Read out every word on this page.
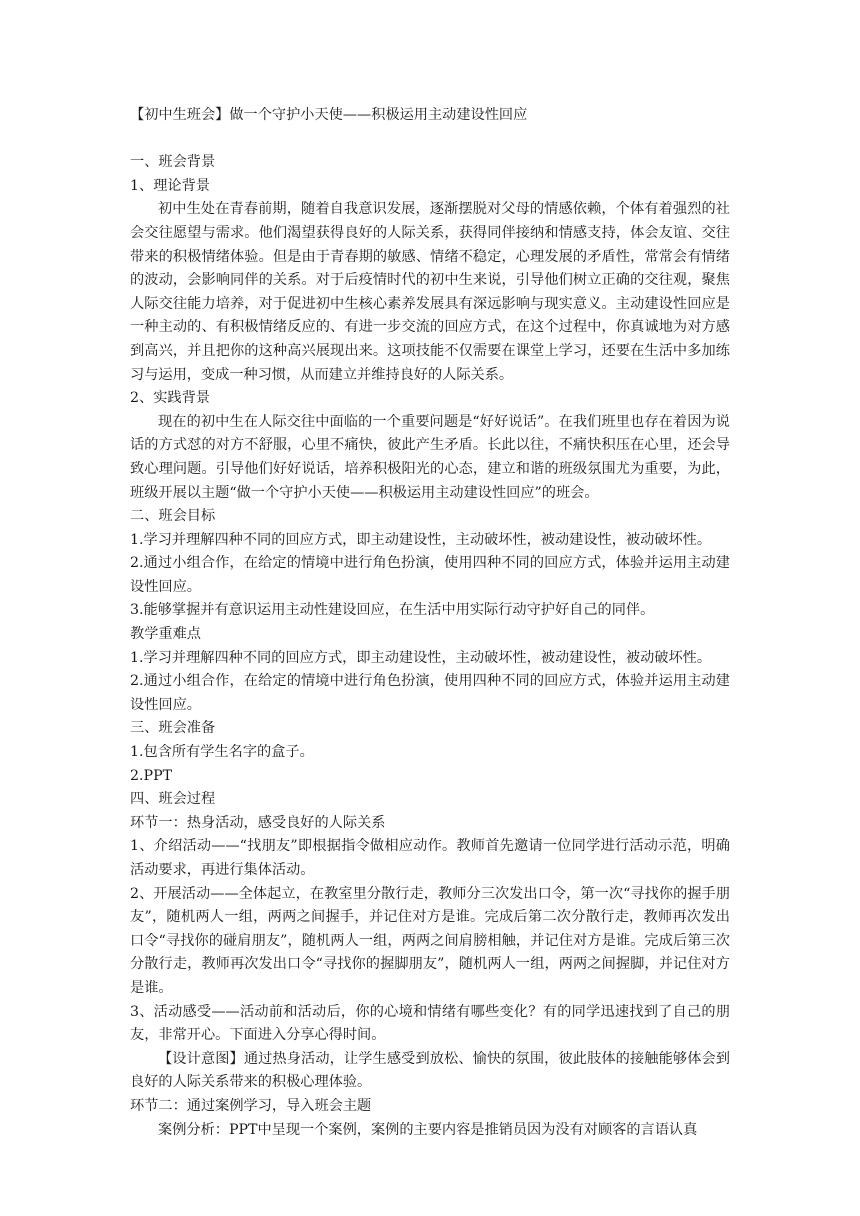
【初中生班会】做一个守护小天使——积极运用主动建设性回应

一、班会背景

1、理论背景

初中生处在青春前期，随着自我意识发展，逐渐摆脱对父母的情感依赖，个体有着强烈的社会交往愿望与需求。他们渴望获得良好的人际关系，获得同伴接纳和情感支持，体会友谊、交往带来的积极情绪体验。但是由于青春期的敏感、情绪不稳定，心理发展的矛盾性，常常会有情绪的波动，会影响同伴的关系。对于后疫情时代的初中生来说，引导他们树立正确的交往观，聚焦人际交往能力培养，对于促进初中生核心素养发展具有深远影响与现实意义。主动建设性回应是一种主动的、有积极情绪反应的、有进一步交流的回应方式，在这个过程中，你真诚地为对方感到高兴，并且把你的这种高兴展现出来。这项技能不仅需要在课堂上学习，还要在生活中多加练习与运用，变成一种习惯，从而建立并维持良好的人际关系。

2、实践背景

现在的初中生在人际交往中面临的一个重要问题是“好好说话”。在我们班里也存在着因为说话的方式怼的对方不舒服，心里不痛快，彼此产生矛盾。长此以往，不痛快积压在心里，还会导致心理问题。引导他们好好说话，培养积极阳光的心态，建立和谐的班级氛围尤为重要，为此，班级开展以主题“做一个守护小天使——积极运用主动建设性回应”的班会。

二、班会目标

1.学习并理解四种不同的回应方式，即主动建设性，主动破坏性，被动建设性，被动破坏性。

2.通过小组合作，在给定的情境中进行角色扮演，使用四种不同的回应方式，体验并运用主动建设性回应。

3.能够掌握并有意识运用主动性建设回应，在生活中用实际行动守护好自己的同伴。

教学重难点

1.学习并理解四种不同的回应方式，即主动建设性，主动破坏性，被动建设性，被动破坏性。

2.通过小组合作，在给定的情境中进行角色扮演，使用四种不同的回应方式，体验并运用主动建设性回应。

三、班会准备

1.包含所有学生名字的盒子。

2.PPT

四、班会过程

环节一：热身活动，感受良好的人际关系

1、介绍活动——“找朋友”即根据指令做相应动作。教师首先邀请一位同学进行活动示范，明确活动要求，再进行集体活动。

2、开展活动——全体起立，在教室里分散行走，教师分三次发出口令，第一次“寻找你的握手朋友”，随机两人一组，两两之间握手，并记住对方是谁。完成后第二次分散行走，教师再次发出口令“寻找你的碰肩朋友”，随机两人一组，两两之间肩膀相触，并记住对方是谁。完成后第三次分散行走，教师再次发出口令“寻找你的握脚朋友”，随机两人一组，两两之间握脚，并记住对方是谁。

3、活动感受——活动前和活动后，你的心境和情绪有哪些变化？有的同学迅速找到了自己的朋友，非常开心。下面进入分享心得时间。

【设计意图】通过热身活动，让学生感受到放松、愉快的氛围，彼此肢体的接触能够体会到良好的人际关系带来的积极心理体验。

环节二：通过案例学习，导入班会主题

案例分析：PPT中呈现一个案例，案例的主要内容是推销员因为没有对顾客的言语认真
